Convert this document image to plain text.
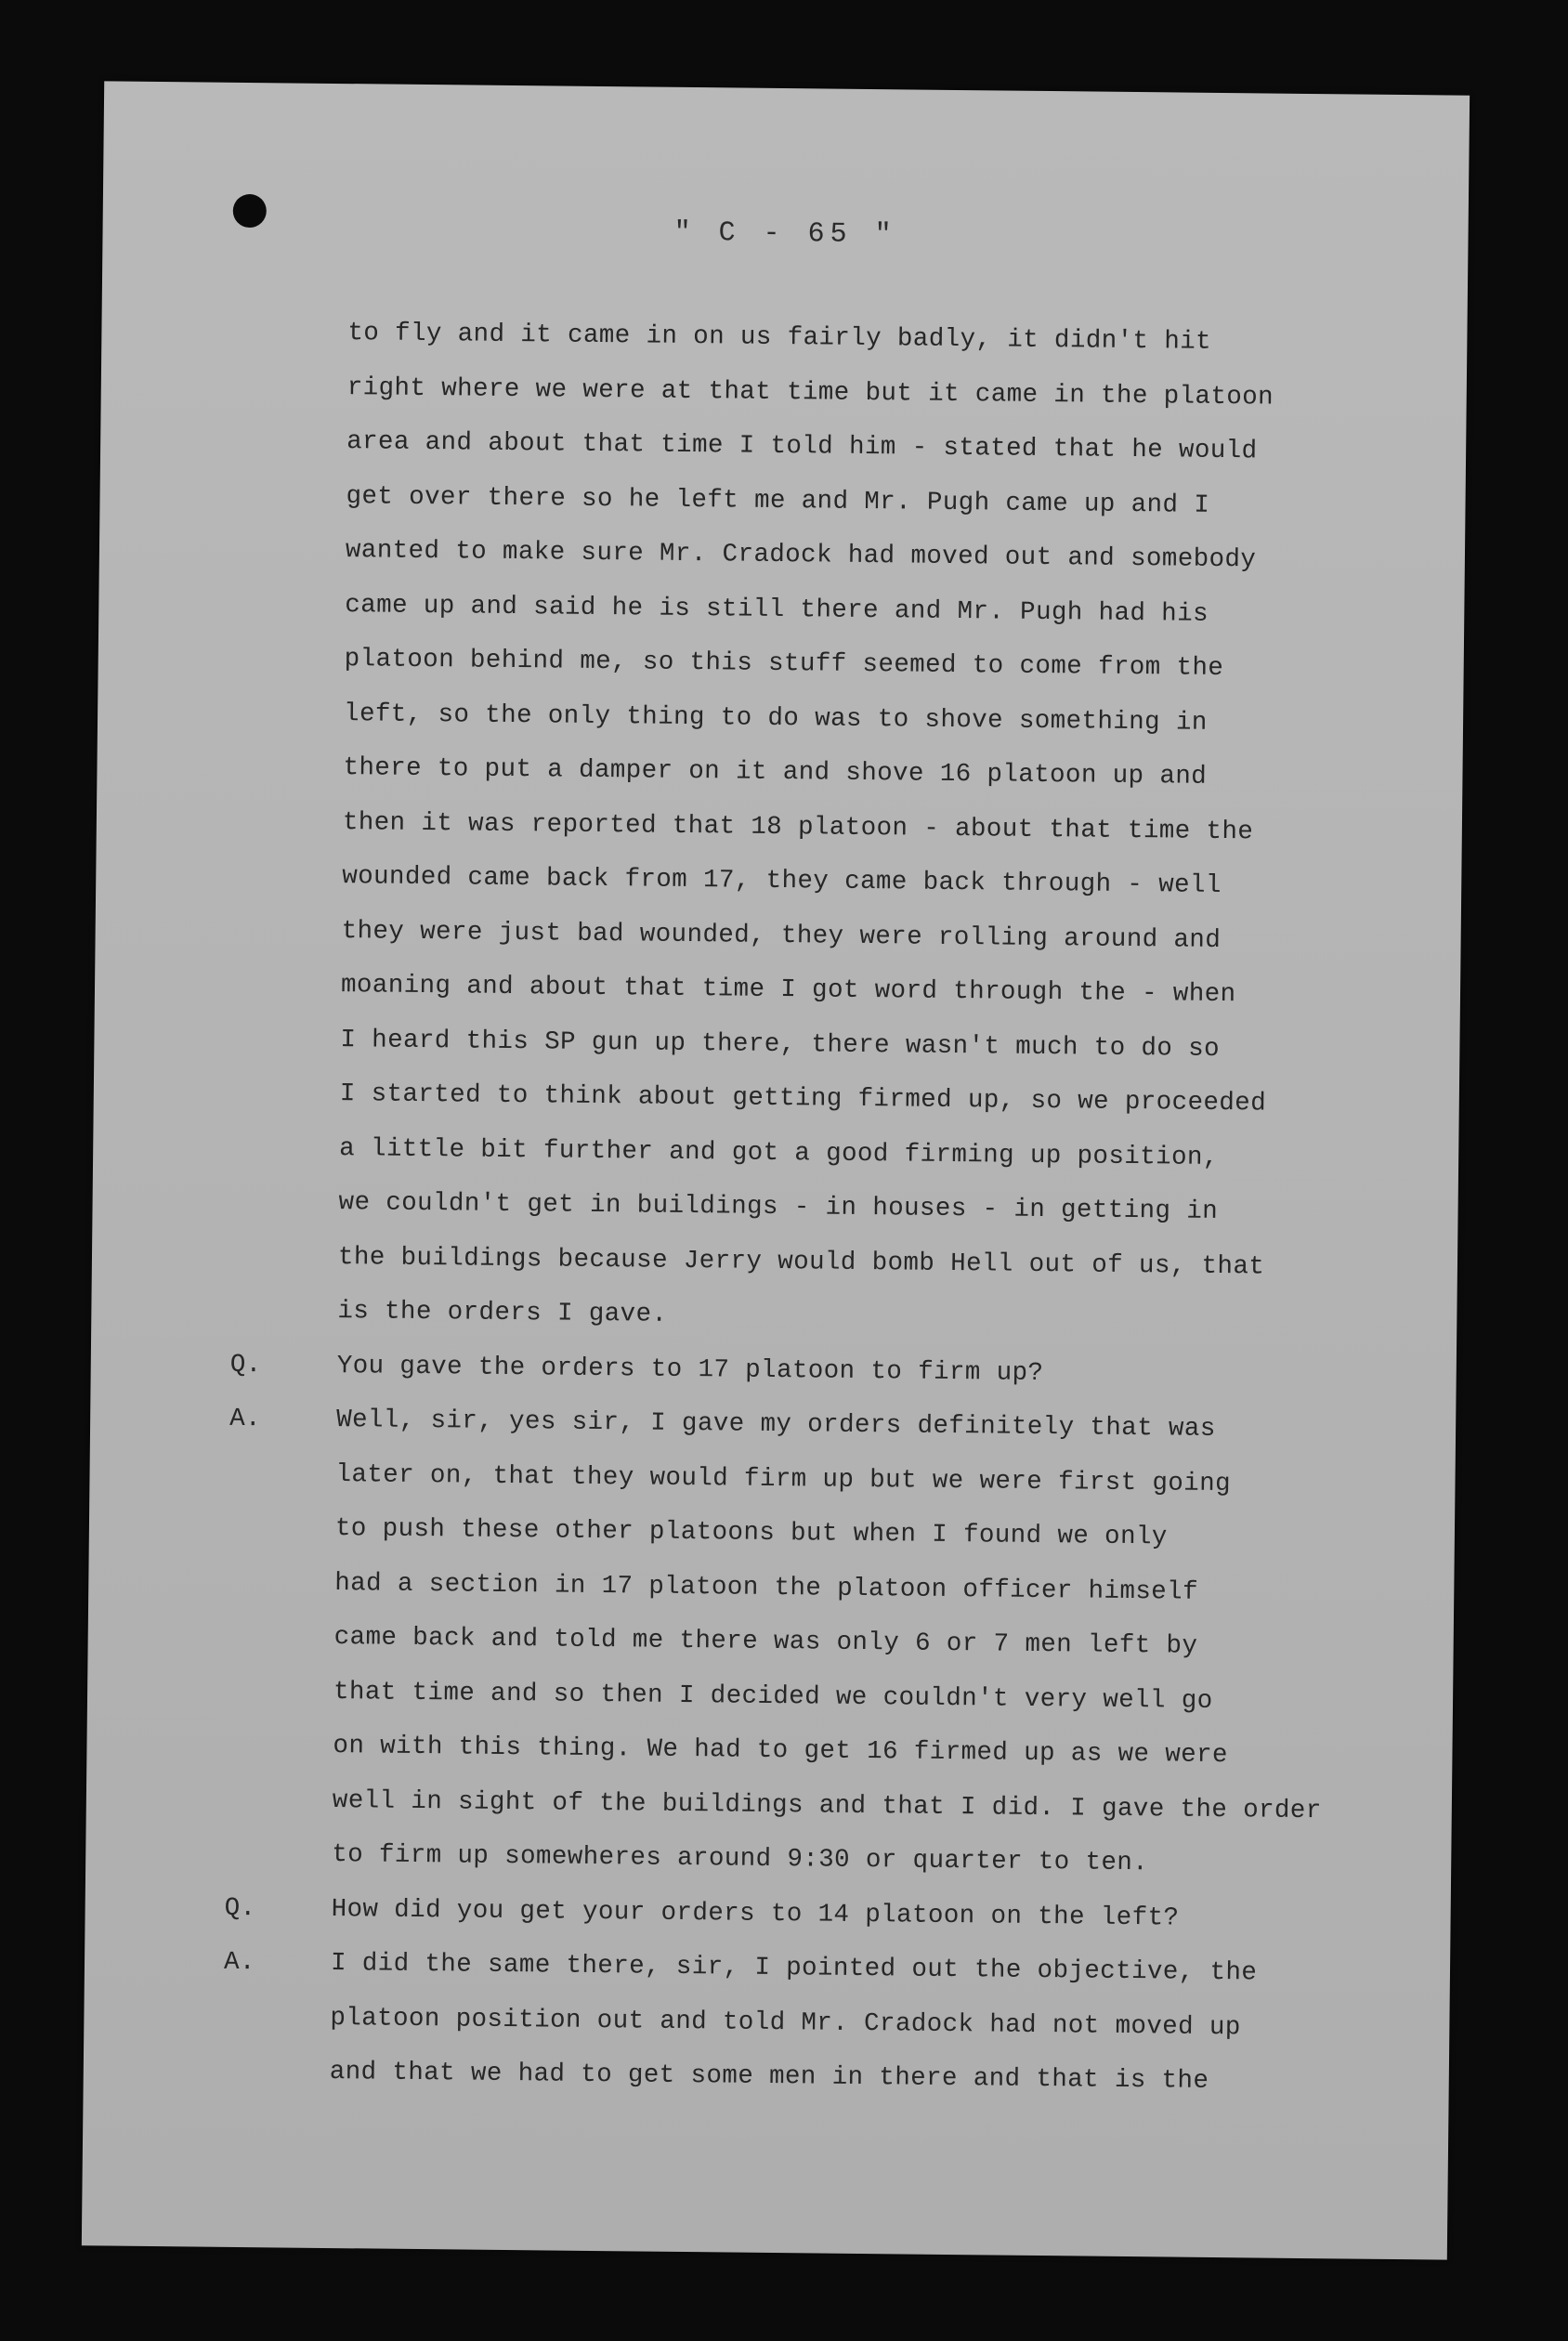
" C - 65 "
to fly and it came in on us fairly badly, it didn't hit
right where we were at that time but it came in the platoon
area and about that time I told him - stated that he would
get over there so he left me and Mr. Pugh came up and I
wanted to make sure Mr. Cradock had moved out and somebody
came up and said he is still there and Mr. Pugh had his
platoon behind me, so this stuff seemed to come from the
left, so the only thing to do was to shove something in
there to put a damper on it and shove 16 platoon up and
then it was reported that 18 platoon - about that time the
wounded came back from 17, they came back through - well
they were just bad wounded, they were rolling around and
moaning and about that time I got word through the - when
I heard this SP gun up there, there wasn't much to do so
I started to think about getting firmed up, so we proceeded
a little bit further and got a good firming up position,
we couldn't get in buildings - in houses - in getting in
the buildings because Jerry would bomb Hell out of us, that
is the orders I gave.
Q.	You gave the orders to 17 platoon to firm up?
A.	Well, sir, yes sir, I gave my orders definitely that was
later on, that they would firm up but we were first going
to push these other platoons but when I found we only
had a section in 17 platoon the platoon officer himself
came back and told me there was only 6 or 7 men left by
that time and so then I decided we couldn't very well go
on with this thing. We had to get 16 firmed up as we were
well in sight of the buildings and that I did. I gave the order
to firm up somewheres around 9:30 or quarter to ten.
Q.	How did you get your orders to 14 platoon on the left?
A.	I did the same there, sir, I pointed out the objective, the
platoon position out and told Mr. Cradock had not moved up
and that we had to get some men in there and that is the
